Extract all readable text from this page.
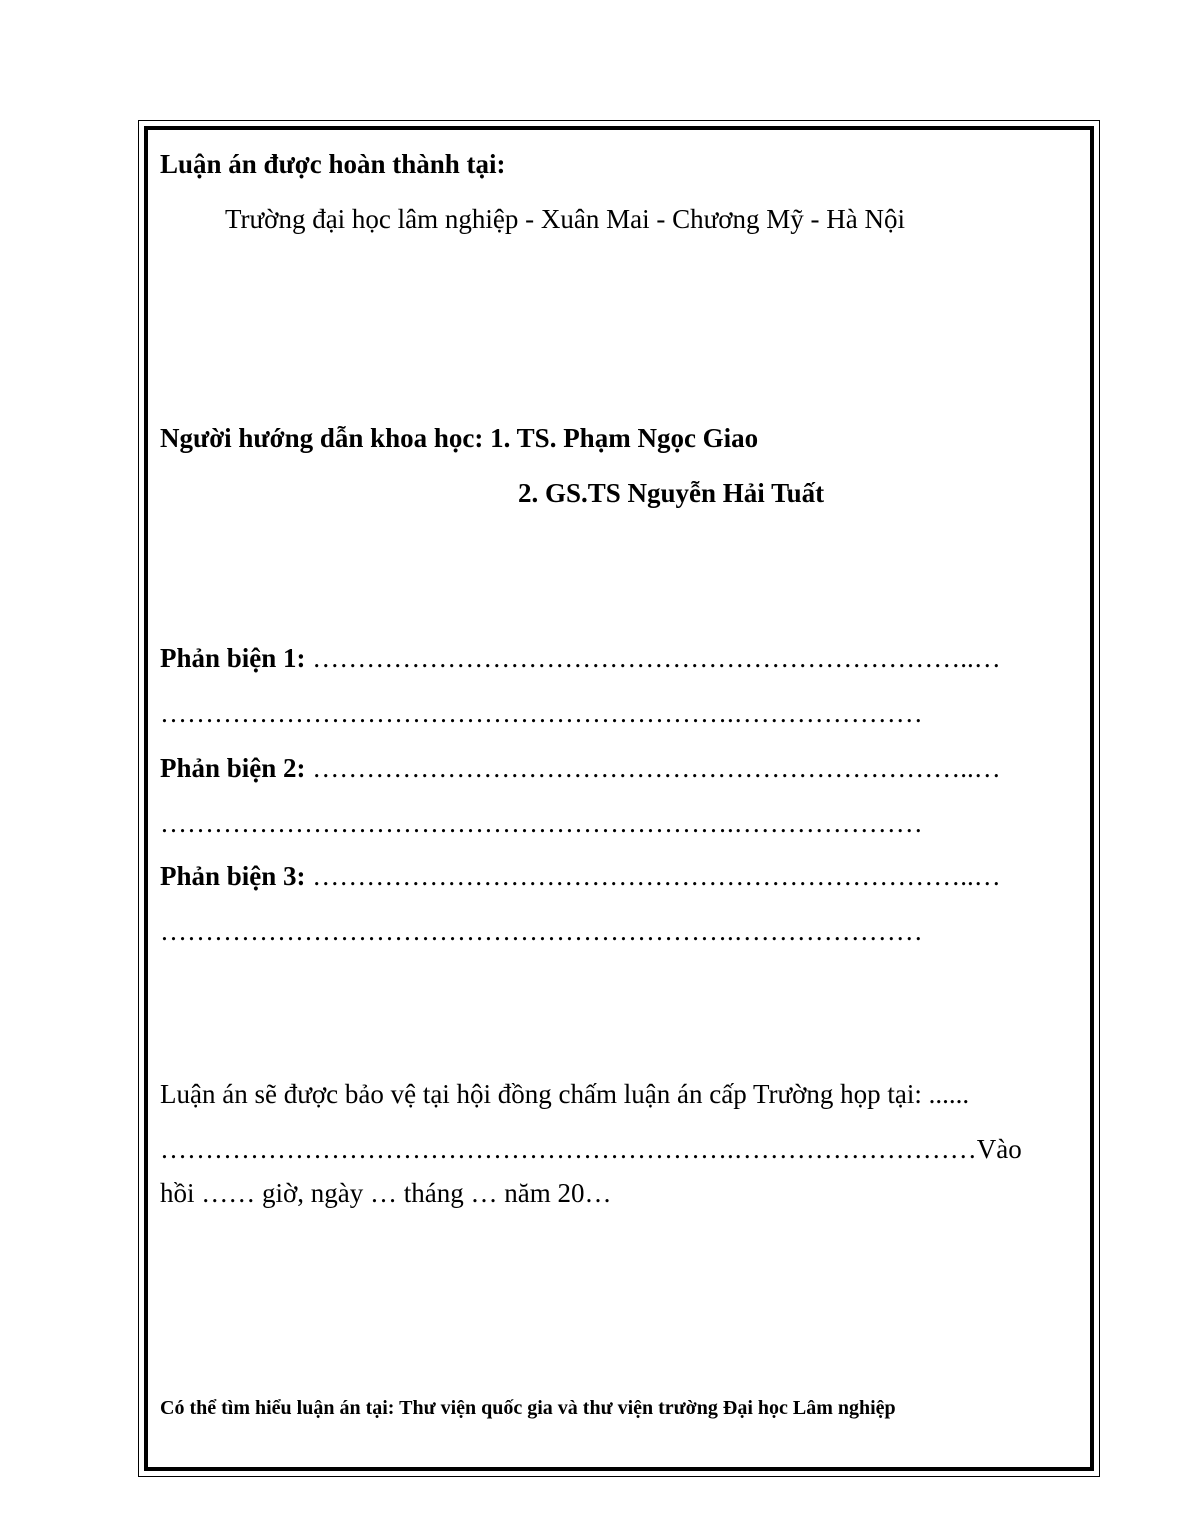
Luận án được hoàn thành tại:
Trường đại học lâm nghiệp - Xuân Mai - Chương Mỹ - Hà Nội
Người hướng dẫn khoa học: 1. TS. Phạm Ngọc Giao
2. GS.TS Nguyễn Hải Tuất
Phản biện 1: ………………………………………………………………..…
……………………………………………………….…………………
Phản biện 2: ………………………………………………………………..…
……………………………………………………….…………………
Phản biện 3: ………………………………………………………………..…
……………………………………………………….…………………
Luận án sẽ được bảo vệ tại hội đồng chấm luận án cấp Trường họp tại: ......
……………………………………………………….………………………Vào
hồi …… giờ, ngày … tháng … năm 20…
Có thể tìm hiểu luận án tại: Thư viện quốc gia và thư viện trường Đại học Lâm nghiệp
